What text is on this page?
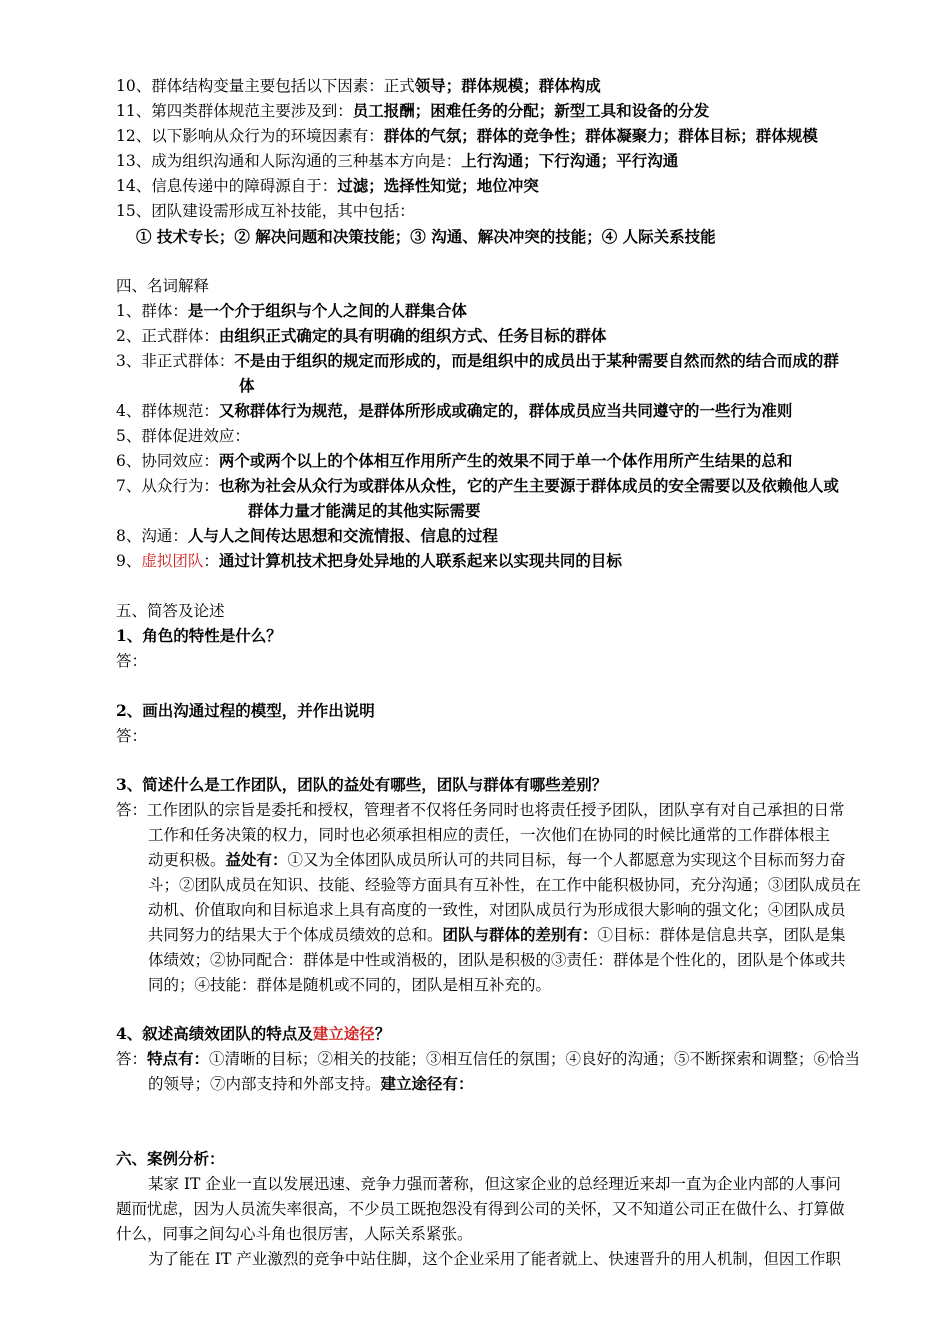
10、群体结构变量主要包括以下因素：正式领导；群体规模；群体构成
11、第四类群体规范主要涉及到：员工报酬；困难任务的分配；新型工具和设备的分发
12、以下影响从众行为的环境因素有：群体的气氛；群体的竞争性；群体凝聚力；群体目标；群体规模
13、成为组织沟通和人际沟通的三种基本方向是：上行沟通；下行沟通；平行沟通
14、信息传递中的障碍源自于：过滤；选择性知觉；地位冲突
15、团队建设需形成互补技能，其中包括：
① 技术专长；② 解决问题和决策技能；③ 沟通、解决冲突的技能；④ 人际关系技能
四、名词解释
1、群体：是一个介于组织与个人之间的人群集合体
2、正式群体：由组织正式确定的具有明确的组织方式、任务目标的群体
3、非正式群体：不是由于组织的规定而形成的，而是组织中的成员出于某种需要自然而然的结合而成的群
体
4、群体规范：又称群体行为规范，是群体所形成或确定的，群体成员应当共同遵守的一些行为准则
5、群体促进效应：
6、协同效应：两个或两个以上的个体相互作用所产生的效果不同于单一个体作用所产生结果的总和
7、从众行为：也称为社会从众行为或群体从众性，它的产生主要源于群体成员的安全需要以及依赖他人或
群体力量才能满足的其他实际需要
8、沟通：人与人之间传达思想和交流情报、信息的过程
9、虚拟团队：通过计算机技术把身处异地的人联系起来以实现共同的目标
五、简答及论述
1、角色的特性是什么？
答：
2、画出沟通过程的模型，并作出说明
答：
3、简述什么是工作团队，团队的益处有哪些，团队与群体有哪些差别？
答：工作团队的宗旨是委托和授权，管理者不仅将任务同时也将责任授予团队，团队享有对自己承担的日常
工作和任务决策的权力，同时也必须承担相应的责任，一次他们在协同的时候比通常的工作群体根主
动更积极。益处有：①又为全体团队成员所认可的共同目标，每一个人都愿意为实现这个目标而努力奋
斗；②团队成员在知识、技能、经验等方面具有互补性，在工作中能积极协同，充分沟通；③团队成员在
动机、价值取向和目标追求上具有高度的一致性，对团队成员行为形成很大影响的强文化；④团队成员
共同努力的结果大于个体成员绩效的总和。团队与群体的差别有：①目标：群体是信息共享，团队是集
体绩效；②协同配合：群体是中性或消极的，团队是积极的③责任：群体是个性化的，团队是个体或共
同的；④技能：群体是随机或不同的，团队是相互补充的。
4、叙述高绩效团队的特点及建立途径？
答：特点有：①清晰的目标；②相关的技能；③相互信任的氛围；④良好的沟通；⑤不断探索和调整；⑥恰当
的领导；⑦内部支持和外部支持。建立途径有：
六、案例分析：
某家 IT 企业一直以发展迅速、竞争力强而著称，但这家企业的总经理近来却一直为企业内部的人事问
题而忧虑，因为人员流失率很高，不少员工既抱怨没有得到公司的关怀，又不知道公司正在做什么、打算做
什么，同事之间勾心斗角也很厉害，人际关系紧张。
为了能在 IT 产业激烈的竞争中站住脚，这个企业采用了能者就上、快速晋升的用人机制，但因工作职
